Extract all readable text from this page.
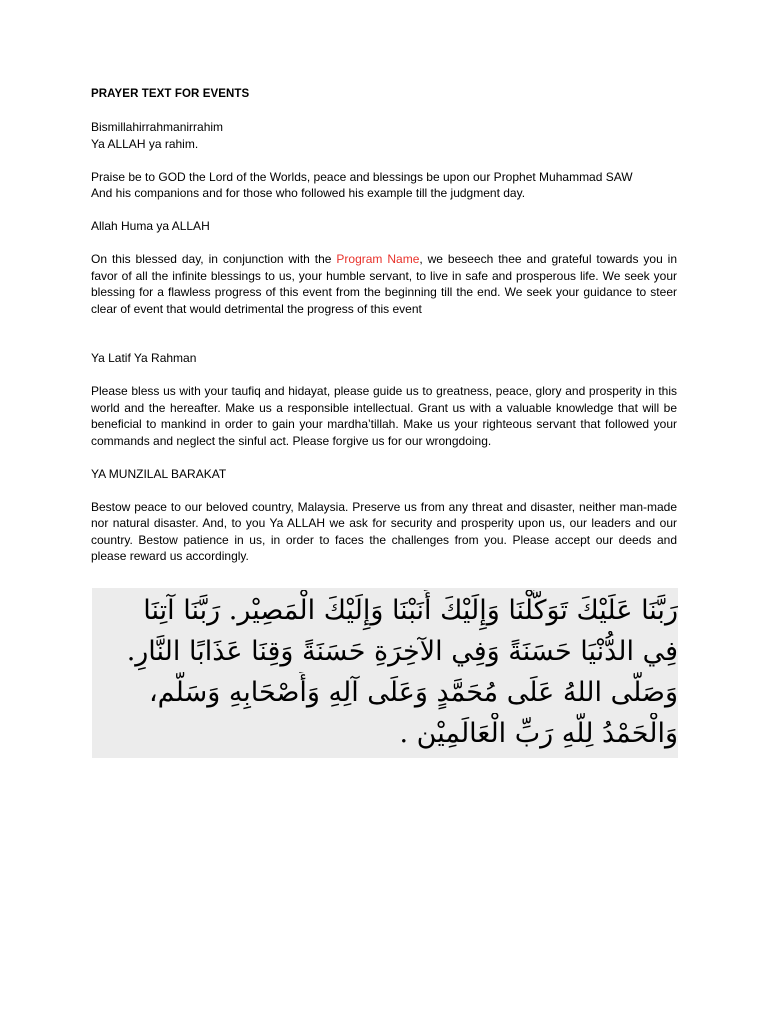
PRAYER TEXT FOR EVENTS

Bismillahirrahmanirrahim
Ya ALLAH ya rahim.

Praise be to GOD the Lord of the Worlds, peace and blessings be upon our Prophet Muhammad SAW
And his companions and for those who followed his example till the judgment day.

Allah Huma ya ALLAH

On this blessed day, in conjunction with the Program Name, we beseech thee and grateful towards you in favor of all the infinite blessings to us, your humble servant, to live in safe and prosperous life. We seek your blessing for a flawless progress of this event from the beginning till the end. We seek your guidance to steer clear of event that would detrimental the progress of this event

Ya Latif Ya Rahman

Please bless us with your taufiq and hidayat, please guide us to greatness, peace, glory and prosperity in this world and the hereafter. Make us a responsible intellectual. Grant us with a valuable knowledge that will be beneficial to mankind in order to gain your mardha’tillah. Make us your righteous servant that followed your commands and neglect the sinful act. Please forgive us for our wrongdoing.

YA MUNZILAL BARAKAT

Bestow peace to our beloved country, Malaysia. Preserve us from any threat and disaster, neither man-made nor natural disaster. And, to you Ya ALLAH we ask for security and prosperity upon us, our leaders and our country. Bestow patience in us, in order to faces the challenges from you. Please accept our deeds and please reward us accordingly.

رَبَّنَا عَلَيْكَ تَوَكَّلْنَا وَإِلَيْكَ أَنَبْنَا وَإِلَيْكَ الْمَصِيْر. رَبَّنَا آتِنَا
فِي الدُّنْيَا حَسَنَةً وَفِي الآخِرَةِ حَسَنَةً وَقِنَا عَذَابًا النَّارِ.
وَصَلَّى اللهُ عَلَى مُحَمَّدٍ وَعَلَى آلِهِ وَأَصْحَابِهِ وَسَلَّم،
وَالْحَمْدُ لِلَّهِ رَبِّ الْعَالَمِيْن .
